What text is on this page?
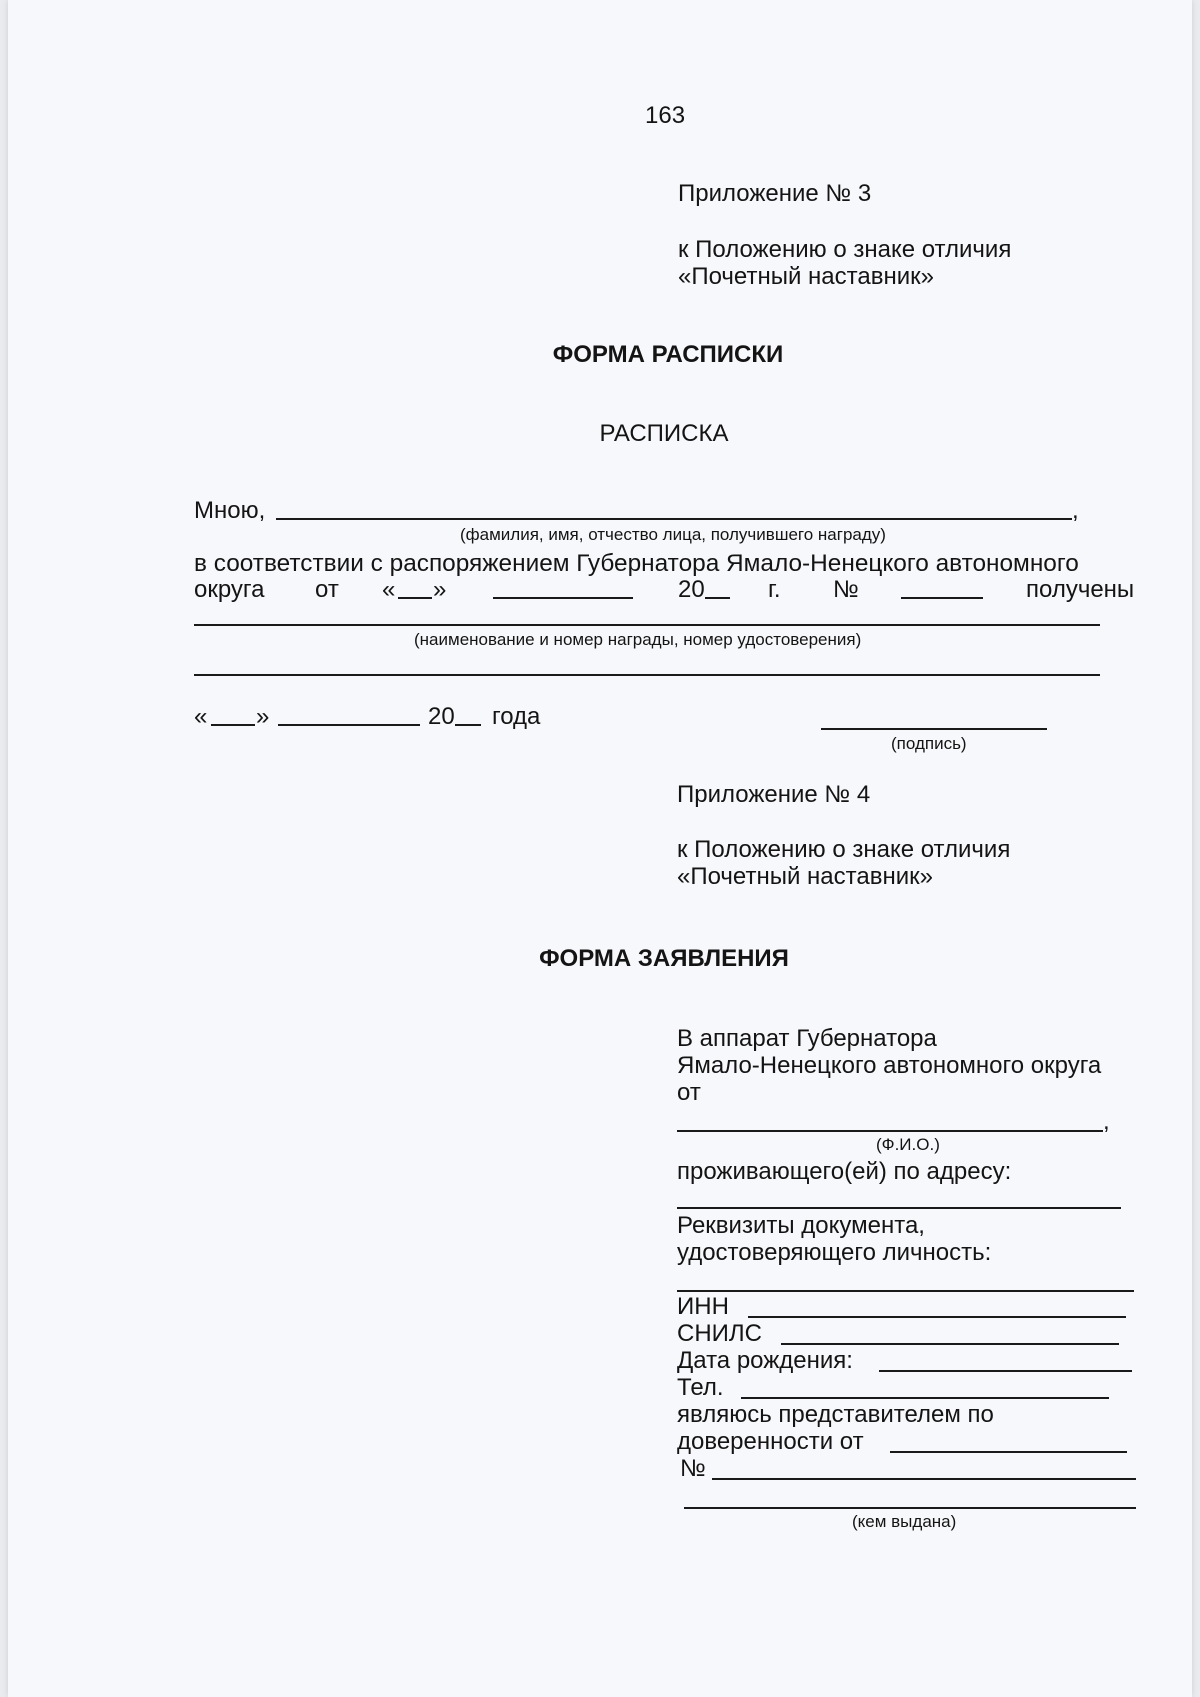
163
Приложение № 3
к Положению о знаке отличия
«Почетный наставник»
ФОРМА РАСПИСКИ
РАСПИСКА
Мною,	,
(фамилия, имя, отчество лица, получившего награду)
в соответствии с распоряжением Губернатора Ямало-Ненецкого автономного
округа от « »	20	г. №	получены
(наименование и номер награды, номер удостоверения)
« »	20 года
(подпись)
Приложение № 4
к Положению о знаке отличия
«Почетный наставник»
ФОРМА ЗАЯВЛЕНИЯ
В аппарат Губернатора
Ямало-Ненецкого автономного округа
от
,
(Ф.И.О.)
проживающего(ей) по адресу:
Реквизиты документа,
удостоверяющего личность:
ИНН
СНИЛС
Дата рождения:
Тел.
являюсь представителем по
доверенности от
№
(кем выдана)
